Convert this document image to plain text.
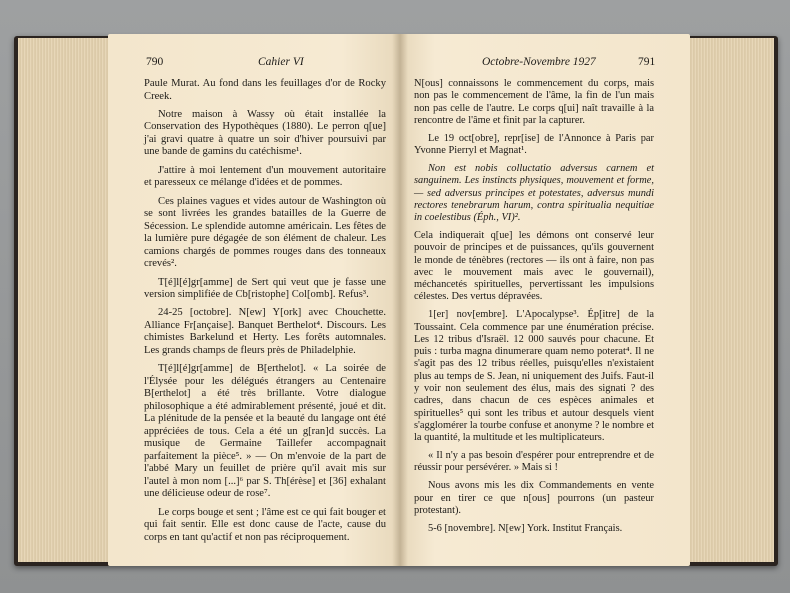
790	Cahier VI

Paule Murat. Au fond dans les feuillages d'or de Rocky Creek.

Notre maison à Wassy où était installée la Conservation des Hypothèques (1880). Le perron q[ue] j'ai gravi quatre à quatre un soir d'hiver poursuivi par une bande de gamins du catéchisme¹.

J'attire à moi lentement d'un mouvement autoritaire et paresseux ce mélange d'idées et de pommes.

Ces plaines vagues et vides autour de Washington où se sont livrées les grandes batailles de la Guerre de Sécession. Le splendide automne américain. Les fêtes de la lumière pure dégagée de son élément de chaleur. Les camions chargés de pommes rouges dans des tonneaux crevés².

T[é]l[é]gr[amme] de Sert qui veut que je fasse une version simplifiée de Cb[ristophe] Col[omb]. Refus³.

24-25 [octobre]. N[ew] Y[ork] avec Chouchette. Alliance Fr[ançaise]. Banquet Berthelot⁴. Discours. Les chimistes Barkelund et Herty. Les forêts automnales. Les grands champs de fleurs près de Philadelphie.

T[é]l[é]gr[amme] de B[erthelot]. « La soirée de l'Élysée pour les délégués étrangers au Centenaire B[erthelot] a été très brillante. Votre dialogue philosophique a été admirablement présenté, joué et dit. La plénitude de la pensée et la beauté du langage ont été appréciées de tous. Cela a été un g[ran]d succès. La musique de Germaine Taillefer accompagnait parfaitement la pièce⁵. » — On m'envoie de la part de l'abbé Mary un feuillet de prière qu'il avait mis sur l'autel à mon nom [...]⁶ par S. Th[érèse] et [36] exhalant une délicieuse odeur de rose⁷.

Le corps bouge et sent ; l'âme est ce qui fait bouger et qui fait sentir. Elle est donc cause de l'acte, cause du corps en tant qu'actif et non pas réciproquement.

Octobre-Novembre 1927	791

N[ous] connaissons le commencement du corps, mais non pas le commencement de l'âme, la fin de l'un mais non pas celle de l'autre. Le corps q[ui] naît travaille à la rencontre de l'âme et finit par la capturer.

Le 19 oct[obre], repr[ise] de l'Annonce à Paris par Yvonne Pierryl et Magnat¹.

Non est nobis colluctatio adversus carnem et sanguinem. Les instincts physiques, mouvement et forme, — sed adversus principes et potestates, adversus mundi rectores tenebrarum harum, contra spiritualia nequitiae in coelestibus (Éph., VI)².

Cela indiquerait q[ue] les démons ont conservé leur pouvoir de principes et de puissances, qu'ils gouvernent le monde de ténèbres (rectores — ils ont à faire, non pas avec le mouvement mais avec le gouvernail), méchancetés spirituelles, pervertissant les impulsions célestes. Des vertus dépravées.

1[er] nov[embre]. L'Apocalypse³. Ép[itre] de la Toussaint. Cela commence par une énumération précise. Les 12 tribus d'Israël. 12 000 sauvés pour chacune. Et puis : turba magna dinumerare quam nemo poterat⁴. Il ne s'agit pas des 12 tribus réelles, puisqu'elles n'existaient plus au temps de S. Jean, ni uniquement des Juifs. Faut-il y voir non seulement des élus, mais des signati ? des cadres, dans chacun de ces espèces animales et spirituelles⁵ qui sont les tribus et autour desquels vient s'agglomérer la tourbe confuse et anonyme ? le nombre et la quantité, la multitude et les multiplicateurs.

« Il n'y a pas besoin d'espérer pour entreprendre et de réussir pour persévérer. » Mais si !

Nous avons mis les dix Commandements en vente pour en tirer ce que n[ous] pourrons (un pasteur protestant).

5-6 [novembre]. N[ew] York. Institut Français.
